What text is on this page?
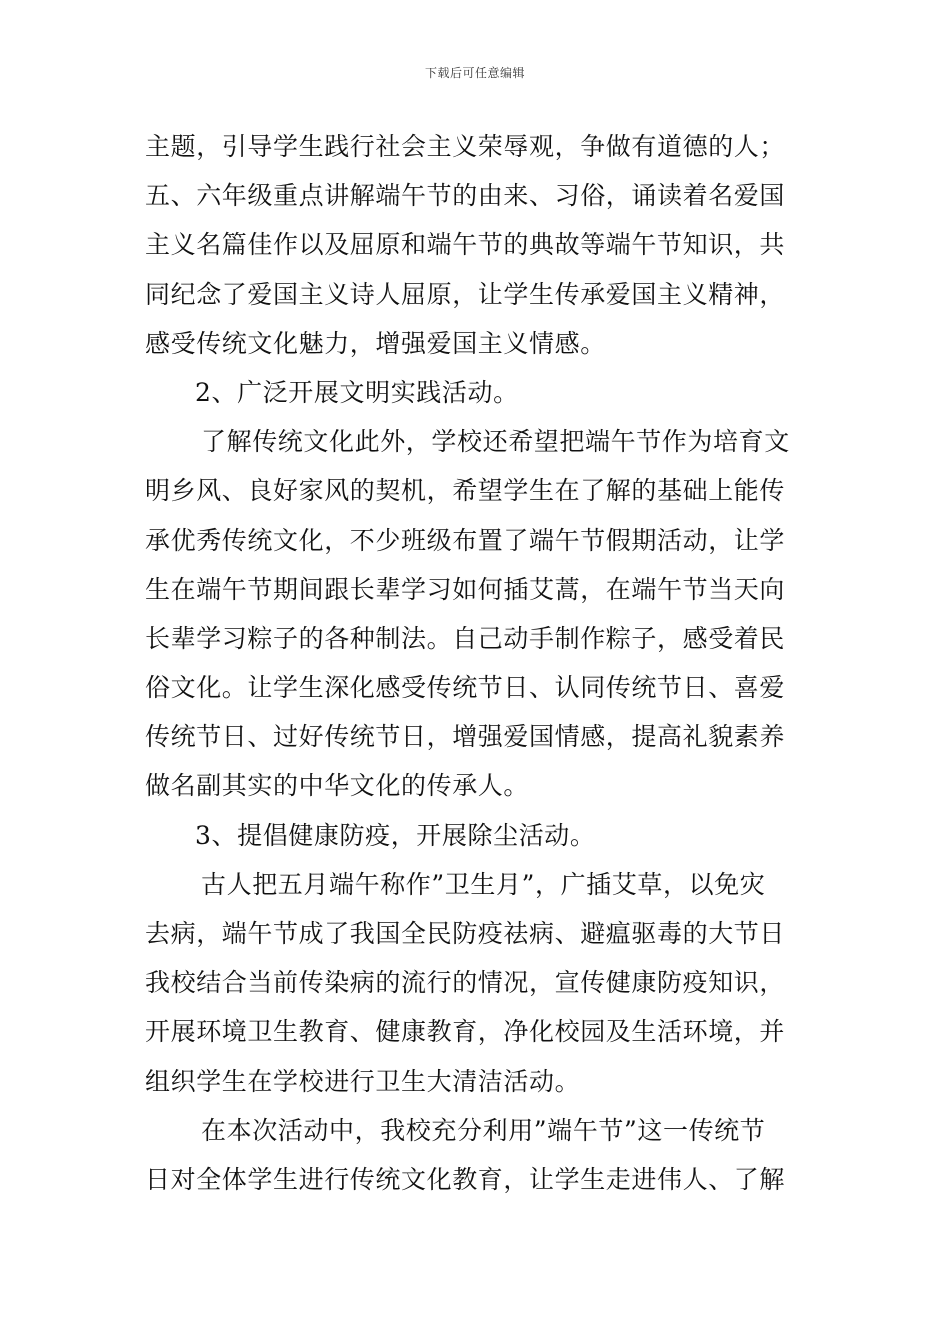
下载后可任意编辑
主题，引导学生践行社会主义荣辱观，争做有道德的人；
五、六年级重点讲解端午节的由来、习俗，诵读着名爱国
主义名篇佳作以及屈原和端午节的典故等端午节知识，共
同纪念了爱国主义诗人屈原，让学生传承爱国主义精神，
感受传统文化魅力，增强爱国主义情感。
2、广泛开展文明实践活动。
了解传统文化此外，学校还希望把端午节作为培育文
明乡风、良好家风的契机，希望学生在了解的基础上能传
承优秀传统文化，不少班级布置了端午节假期活动，让学
生在端午节期间跟长辈学习如何插艾蒿，在端午节当天向
长辈学习粽子的各种制法。自己动手制作粽子，感受着民
俗文化。让学生深化感受传统节日、认同传统节日、喜爱
传统节日、过好传统节日，增强爱国情感，提高礼貌素养
做名副其实的中华文化的传承人。
3、提倡健康防疫，开展除尘活动。
古人把五月端午称作”卫生月”，广插艾草，以免灾
去病，端午节成了我国全民防疫祛病、避瘟驱毒的大节日
我校结合当前传染病的流行的情况，宣传健康防疫知识，
开展环境卫生教育、健康教育，净化校园及生活环境，并
组织学生在学校进行卫生大清洁活动。
在本次活动中，我校充分利用”端午节”这一传统节
日对全体学生进行传统文化教育，让学生走进伟人、了解
